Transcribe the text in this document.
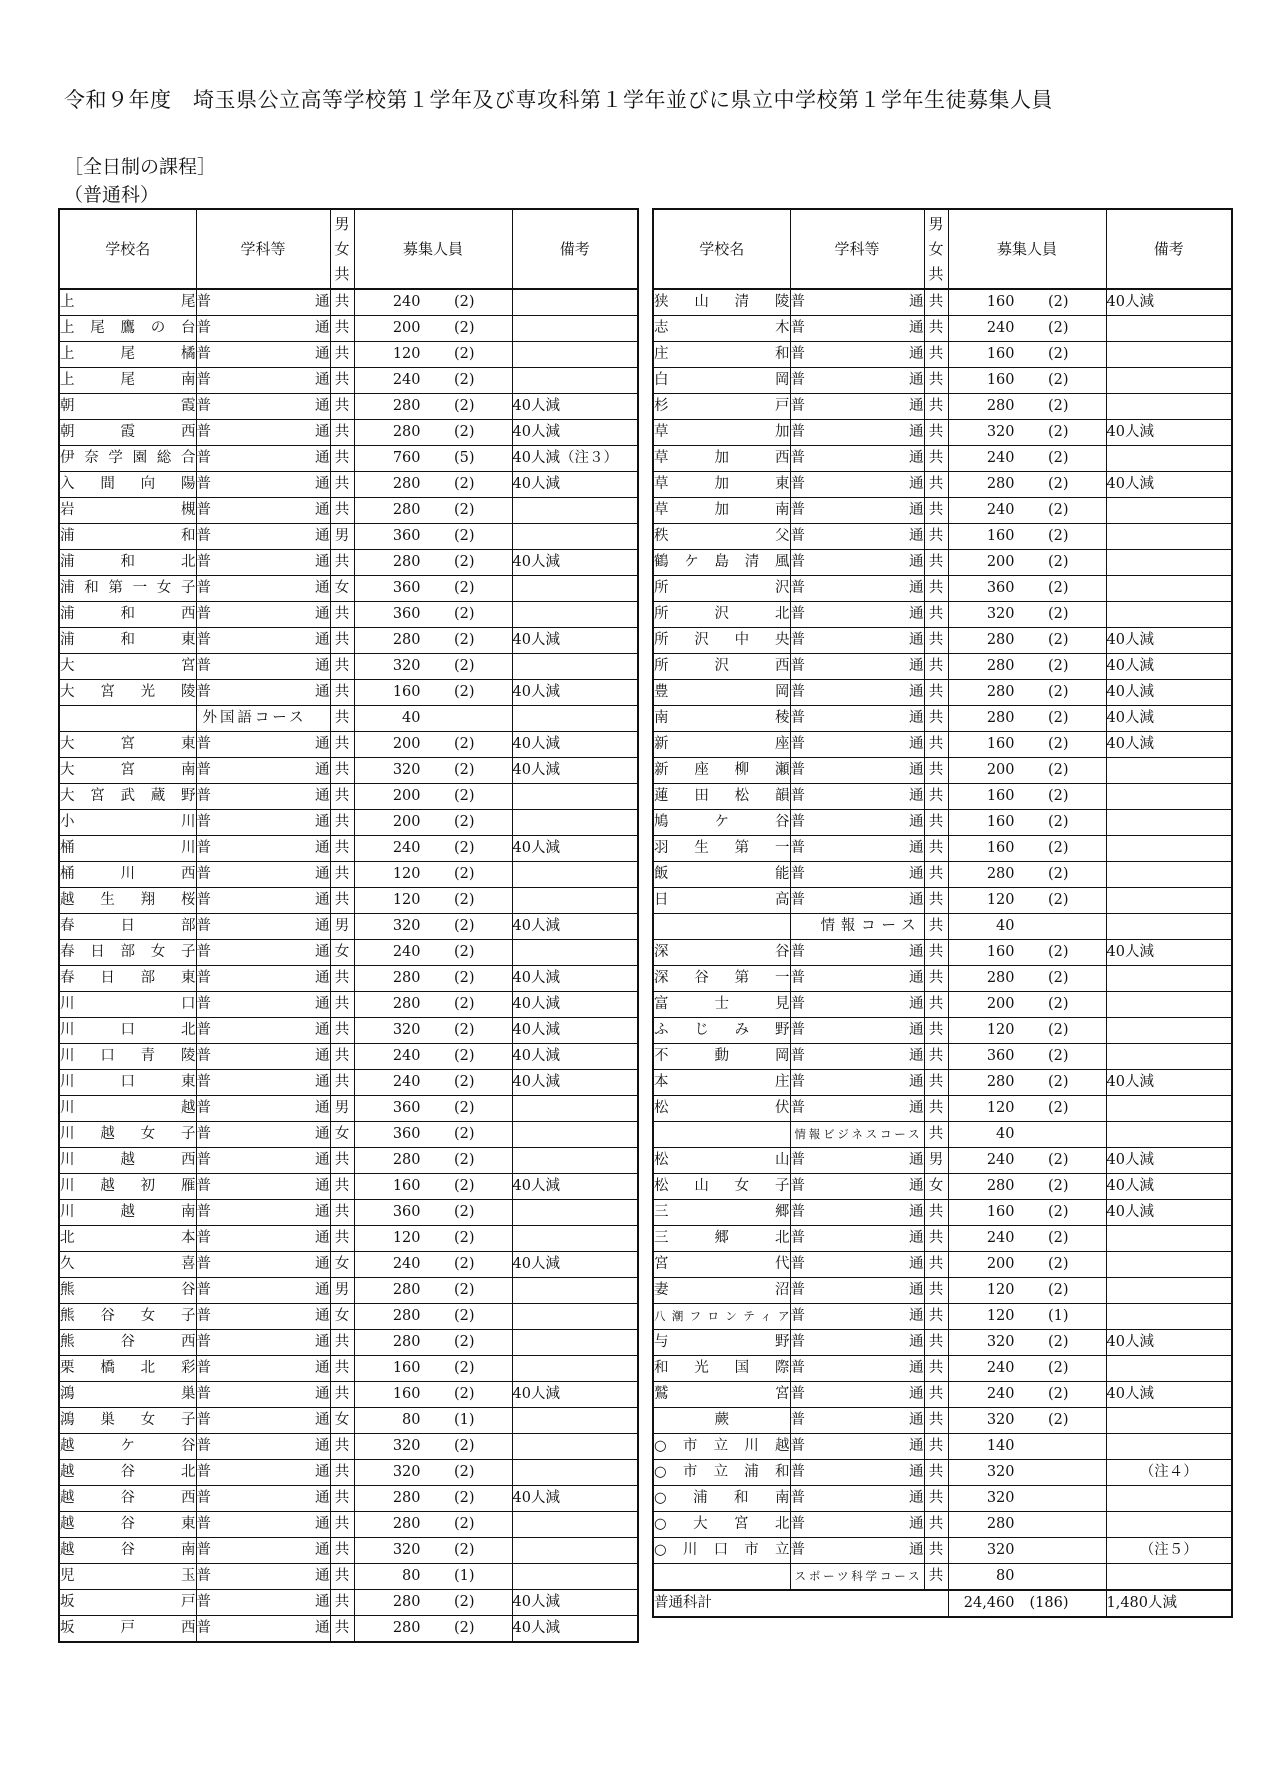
令和９年度　埼玉県公立高等学校第１学年及び専攻科第１学年並びに県立中学校第１学年生徒募集人員
［全日制の課程］
（普通科）
学校名	学科等	男
女
共	募集人員	備考
上　尾	普　通	共	240 (2)	
上尾鷹の台	普　通	共	200 (2)	
上尾橘	普　通	共	120 (2)	
上尾南	普　通	共	240 (2)	
朝　霞	普　通	共	280 (2)	40人減
朝霞西	普　通	共	280 (2)	40人減
伊奈学園総合	普　通	共	760 (5)	40人減（注３）
入間向陽	普　通	共	280 (2)	40人減
岩　槻	普　通	共	280 (2)	
浦　和	普　通	男	360 (2)	
浦和北	普　通	共	280 (2)	40人減
浦和第一女子	普　通	女	360 (2)	
浦和西	普　通	共	360 (2)	
浦和東	普　通	共	280 (2)	40人減
大　宮	普　通	共	320 (2)	
大宮光陵	普　通	共	160 (2)	40人減
	外国語コース	共	40	
大宮東	普　通	共	200 (2)	40人減
大宮南	普　通	共	320 (2)	40人減
大宮武蔵野	普　通	共	200 (2)	
小　川	普　通	共	200 (2)	
桶　川	普　通	共	240 (2)	40人減
桶川西	普　通	共	120 (2)	
越生翔桜	普　通	共	120 (2)	
春日部	普　通	男	320 (2)	40人減
春日部女子	普　通	女	240 (2)	
春日部東	普　通	共	280 (2)	40人減
川　口	普　通	共	280 (2)	40人減
川口北	普　通	共	320 (2)	40人減
川口青陵	普　通	共	240 (2)	40人減
川口東	普　通	共	240 (2)	40人減
川　越	普　通	男	360 (2)	
川越女子	普　通	女	360 (2)	
川越西	普　通	共	280 (2)	
川越初雁	普　通	共	160 (2)	40人減
川越南	普　通	共	360 (2)	
北　本	普　通	共	120 (2)	
久　喜	普　通	女	240 (2)	40人減
熊　谷	普　通	男	280 (2)	
熊谷女子	普　通	女	280 (2)	
熊谷西	普　通	共	280 (2)	
栗橋北彩	普　通	共	160 (2)	
鴻　巣	普　通	共	160 (2)	40人減
鴻巣女子	普　通	女	80 (1)	
越ケ谷	普　通	共	320 (2)	
越谷北	普　通	共	320 (2)	
越谷西	普　通	共	280 (2)	40人減
越谷東	普　通	共	280 (2)	
越谷南	普　通	共	320 (2)	
児　玉	普　通	共	80 (1)	
坂　戸	普　通	共	280 (2)	40人減
坂戸西	普　通	共	280 (2)	40人減
学校名	学科等	男
女
共	募集人員	備考
狭山清陵	普　通	共	160 (2)	40人減
志　木	普　通	共	240 (2)	
庄　和	普　通	共	160 (2)	
白　岡	普　通	共	160 (2)	
杉　戸	普　通	共	280 (2)	
草　加	普　通	共	320 (2)	40人減
草加西	普　通	共	240 (2)	
草加東	普　通	共	280 (2)	40人減
草加南	普　通	共	240 (2)	
秩　父	普　通	共	160 (2)	
鶴ケ島清風	普　通	共	200 (2)	
所　沢	普　通	共	360 (2)	
所沢北	普　通	共	320 (2)	
所沢中央	普　通	共	280 (2)	40人減
所沢西	普　通	共	280 (2)	40人減
豊　岡	普　通	共	280 (2)	40人減
南　稜	普　通	共	280 (2)	40人減
新　座	普　通	共	160 (2)	40人減
新座柳瀬	普　通	共	200 (2)	
蓮田松韻	普　通	共	160 (2)	
鳩ケ谷	普　通	共	160 (2)	
羽生第一	普　通	共	160 (2)	
飯　能	普　通	共	280 (2)	
日　高	普　通	共	120 (2)	
	情報コース	共	40	
深　谷	普　通	共	160 (2)	40人減
深谷第一	普　通	共	280 (2)	
富士見	普　通	共	200 (2)	
ふじみ野	普　通	共	120 (2)	
不動岡	普　通	共	360 (2)	
本　庄	普　通	共	280 (2)	40人減
松　伏	普　通	共	120 (2)	
	情報ビジネスコース	共	40	
松　山	普　通	男	240 (2)	40人減
松山女子	普　通	女	280 (2)	40人減
三　郷	普　通	共	160 (2)	40人減
三郷北	普　通	共	240 (2)	
宮　代	普　通	共	200 (2)	
妻　沼	普　通	共	120 (2)	
八潮フロンティア	普　通	共	120 (1)	
与　野	普　通	共	320 (2)	40人減
和光国際	普　通	共	240 (2)	
鷲　宮	普　通	共	240 (2)	40人減
蕨	普　通	共	320 (2)	
○市立川越	普　通	共	140	
○市立浦和	普　通	共	320	（注４）
○浦和南	普　通	共	320	
○大宮北	普　通	共	280	
○川口市立	普　通	共	320	（注５）
	スポーツ科学コース	共	80	
普通科計			24,460 (186)	1,480人減
